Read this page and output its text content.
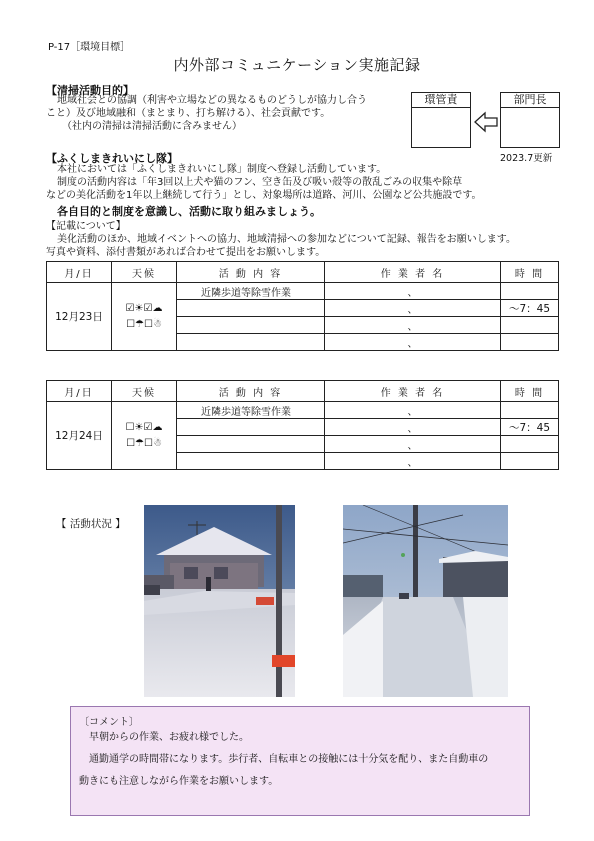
P-17［環境目標］
内外部コミュニケーション実施記録
【清掃活動目的】
地域社会との協調（利害や立場などの異なるものどうしが協力し合う
こと）及び地域融和（まとまり、打ち解ける）、社会貢献です。
（社内の清掃は清掃活動に含みません）
環管責	部門長
2023.7更新
【ふくしまきれいにし隊】
本社においては「ふくしまきれいにし隊」制度へ登録し活動しています。
制度の活動内容は「年3回以上犬や猫のフン、空き缶及び吸い殻等の散乱ごみの収集や除草
などの美化活動を1年以上継続して行う」とし、対象場所は道路、河川、公園など公共施設です。
各自目的と制度を意識し、活動に取り組みましょう。
【記載について】
美化活動のほか、地域イベントへの協力、地域清掃への参加などについて記録、報告をお願いします。
写真や資料、添付書類があれば合わせて提出をお願いします。
月/日	天候	活 動 内 容	作 業 者 名	時 間
12月23日	☑☀☑☁
☐☂☐☃	近隣歩道等除雪作業	、	
			、	～7：45
			、	
			、	
月/日	天候	活 動 内 容	作 業 者 名	時 間
12月24日	☐☀☑☁
☐☂☐☃	近隣歩道等除雪作業	、	
			、	～7：45
			、	
			、	
【 活動状況 】
〔コメント〕
早朝からの作業、お疲れ様でした。
通勤通学の時間帯になります。歩行者、自転車との接触には十分気を配り、また自動車の
動きにも注意しながら作業をお願いします。
